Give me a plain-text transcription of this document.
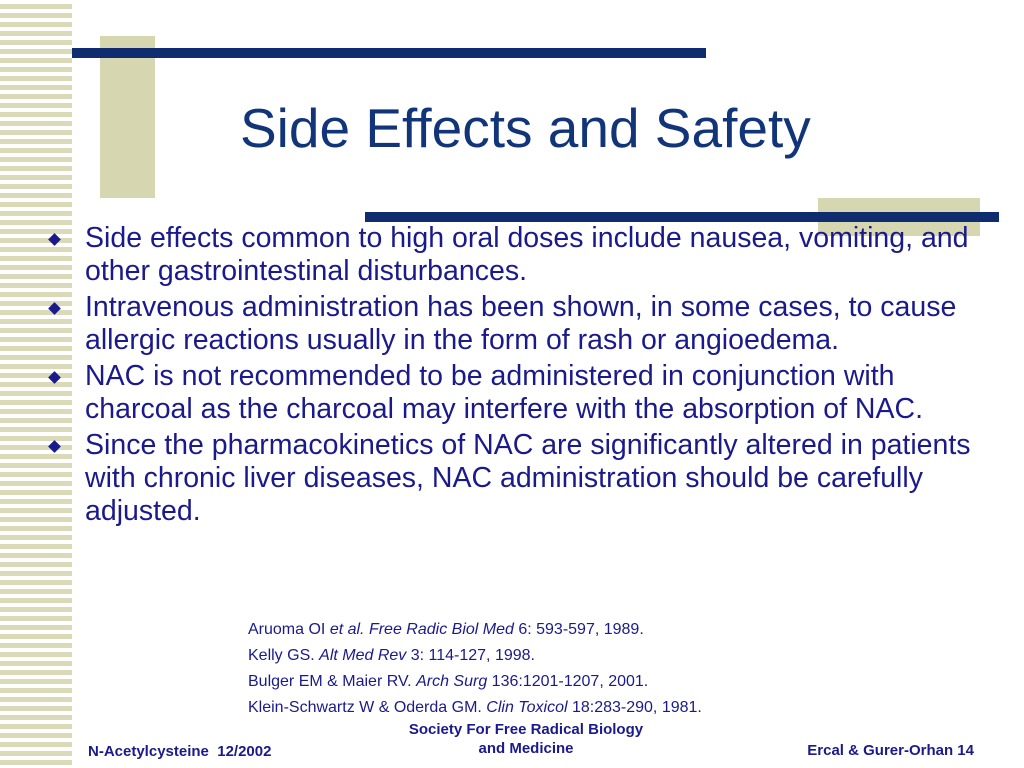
Side Effects and Safety
Side effects common to high oral doses include nausea, vomiting, and other gastrointestinal disturbances.
Intravenous administration has been shown, in some cases, to cause allergic reactions usually in the form of rash or angioedema.
NAC is not recommended to be administered in conjunction with charcoal as the charcoal may interfere with the absorption of NAC.
Since the pharmacokinetics of NAC are significantly altered in patients with chronic liver diseases, NAC administration should be carefully adjusted.
Aruoma OI et al. Free Radic Biol Med 6: 593-597, 1989.
Kelly GS. Alt Med Rev 3: 114-127, 1998.
Bulger EM & Maier RV. Arch Surg 136:1201-1207, 2001.
Klein-Schwartz W & Oderda GM. Clin Toxicol 18:283-290, 1981.
N-Acetylcysteine  12/2002
Society For Free Radical Biology
and Medicine	Ercal & Gurer-Orhan 14
